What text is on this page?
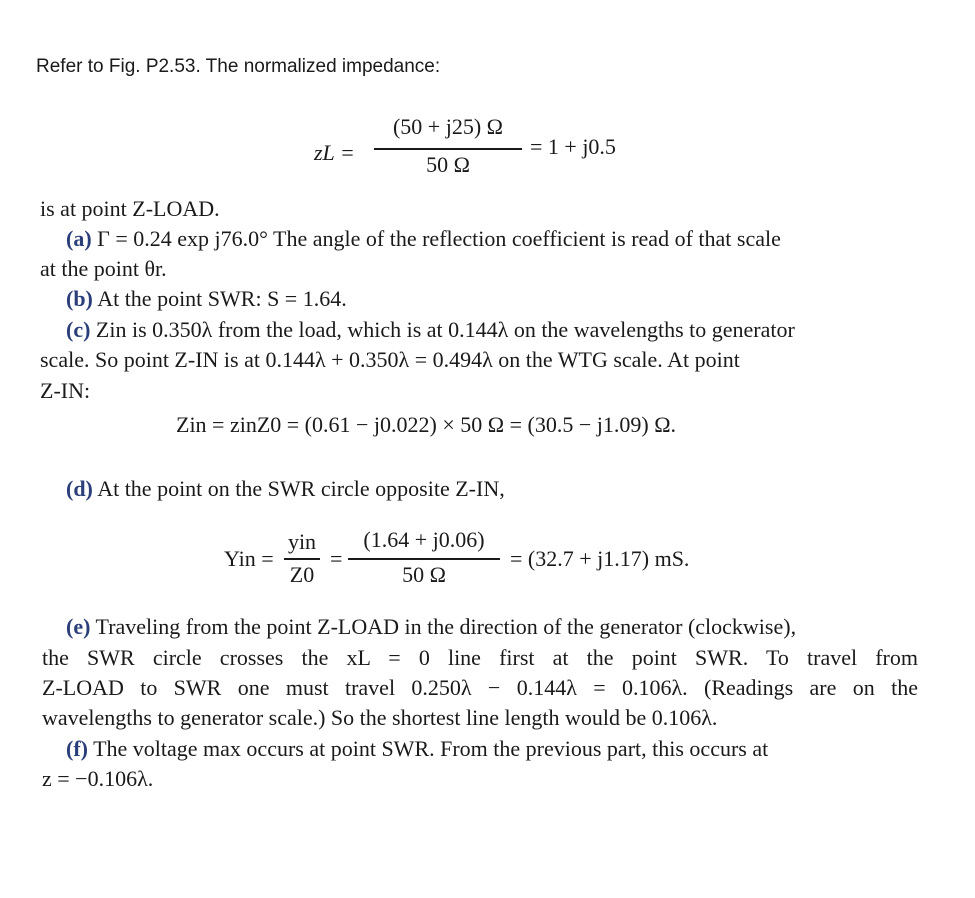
Refer to Fig. P2.53. The normalized impedance:
zL =
(50 + j25) Ω
50 Ω
= 1 + j0.5
is at point Z-LOAD.
(a) Γ = 0.24 exp j76.0° The angle of the reflection coefficient is read of that scale
at the point θr.
(b) At the point SWR: S = 1.64.
(c) Zin is 0.350λ from the load, which is at 0.144λ on the wavelengths to generator
scale. So point Z-IN is at 0.144λ + 0.350λ = 0.494λ on the WTG scale. At point
Z-IN:
Zin = zinZ0 = (0.61 − j0.022) × 50 Ω = (30.5 − j1.09) Ω.
(d) At the point on the SWR circle opposite Z-IN,
Yin =
yin
Z0
=
(1.64 + j0.06)
50 Ω
= (32.7 + j1.17) mS.
(e) Traveling from the point Z-LOAD in the direction of the generator (clockwise),
the SWR circle crosses the xL = 0 line first at the point SWR. To travel from
Z-LOAD to SWR one must travel 0.250λ − 0.144λ = 0.106λ. (Readings are on the
wavelengths to generator scale.) So the shortest line length would be 0.106λ.
(f) The voltage max occurs at point SWR. From the previous part, this occurs at
z = −0.106λ.
